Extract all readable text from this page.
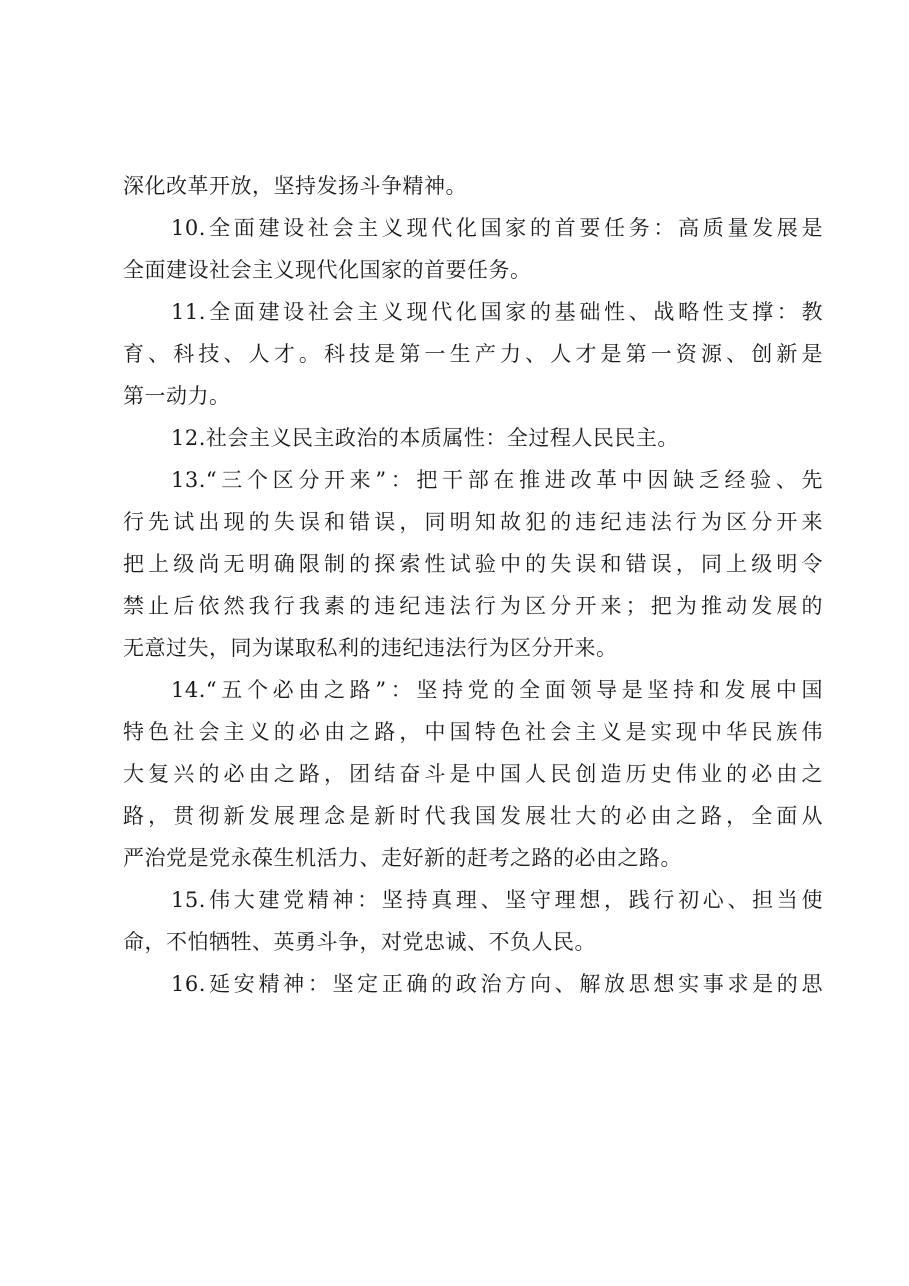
深化改革开放，坚持发扬斗争精神。
10.全面建设社会主义现代化国家的首要任务：高质量发展是
全面建设社会主义现代化国家的首要任务。
11.全面建设社会主义现代化国家的基础性、战略性支撑：教
育、科技、人才。科技是第一生产力、人才是第一资源、创新是
第一动力。
12.社会主义民主政治的本质属性：全过程人民民主。
13.“三个区分开来”：把干部在推进改革中因缺乏经验、先
行先试出现的失误和错误，同明知故犯的违纪违法行为区分开来
把上级尚无明确限制的探索性试验中的失误和错误，同上级明令
禁止后依然我行我素的违纪违法行为区分开来；把为推动发展的
无意过失，同为谋取私利的违纪违法行为区分开来。
14.“五个必由之路”：坚持党的全面领导是坚持和发展中国
特色社会主义的必由之路，中国特色社会主义是实现中华民族伟
大复兴的必由之路，团结奋斗是中国人民创造历史伟业的必由之
路，贯彻新发展理念是新时代我国发展壮大的必由之路，全面从
严治党是党永葆生机活力、走好新的赶考之路的必由之路。
15.伟大建党精神：坚持真理、坚守理想，践行初心、担当使
命，不怕牺牲、英勇斗争，对党忠诚、不负人民。
16.延安精神：坚定正确的政治方向、解放思想实事求是的思
